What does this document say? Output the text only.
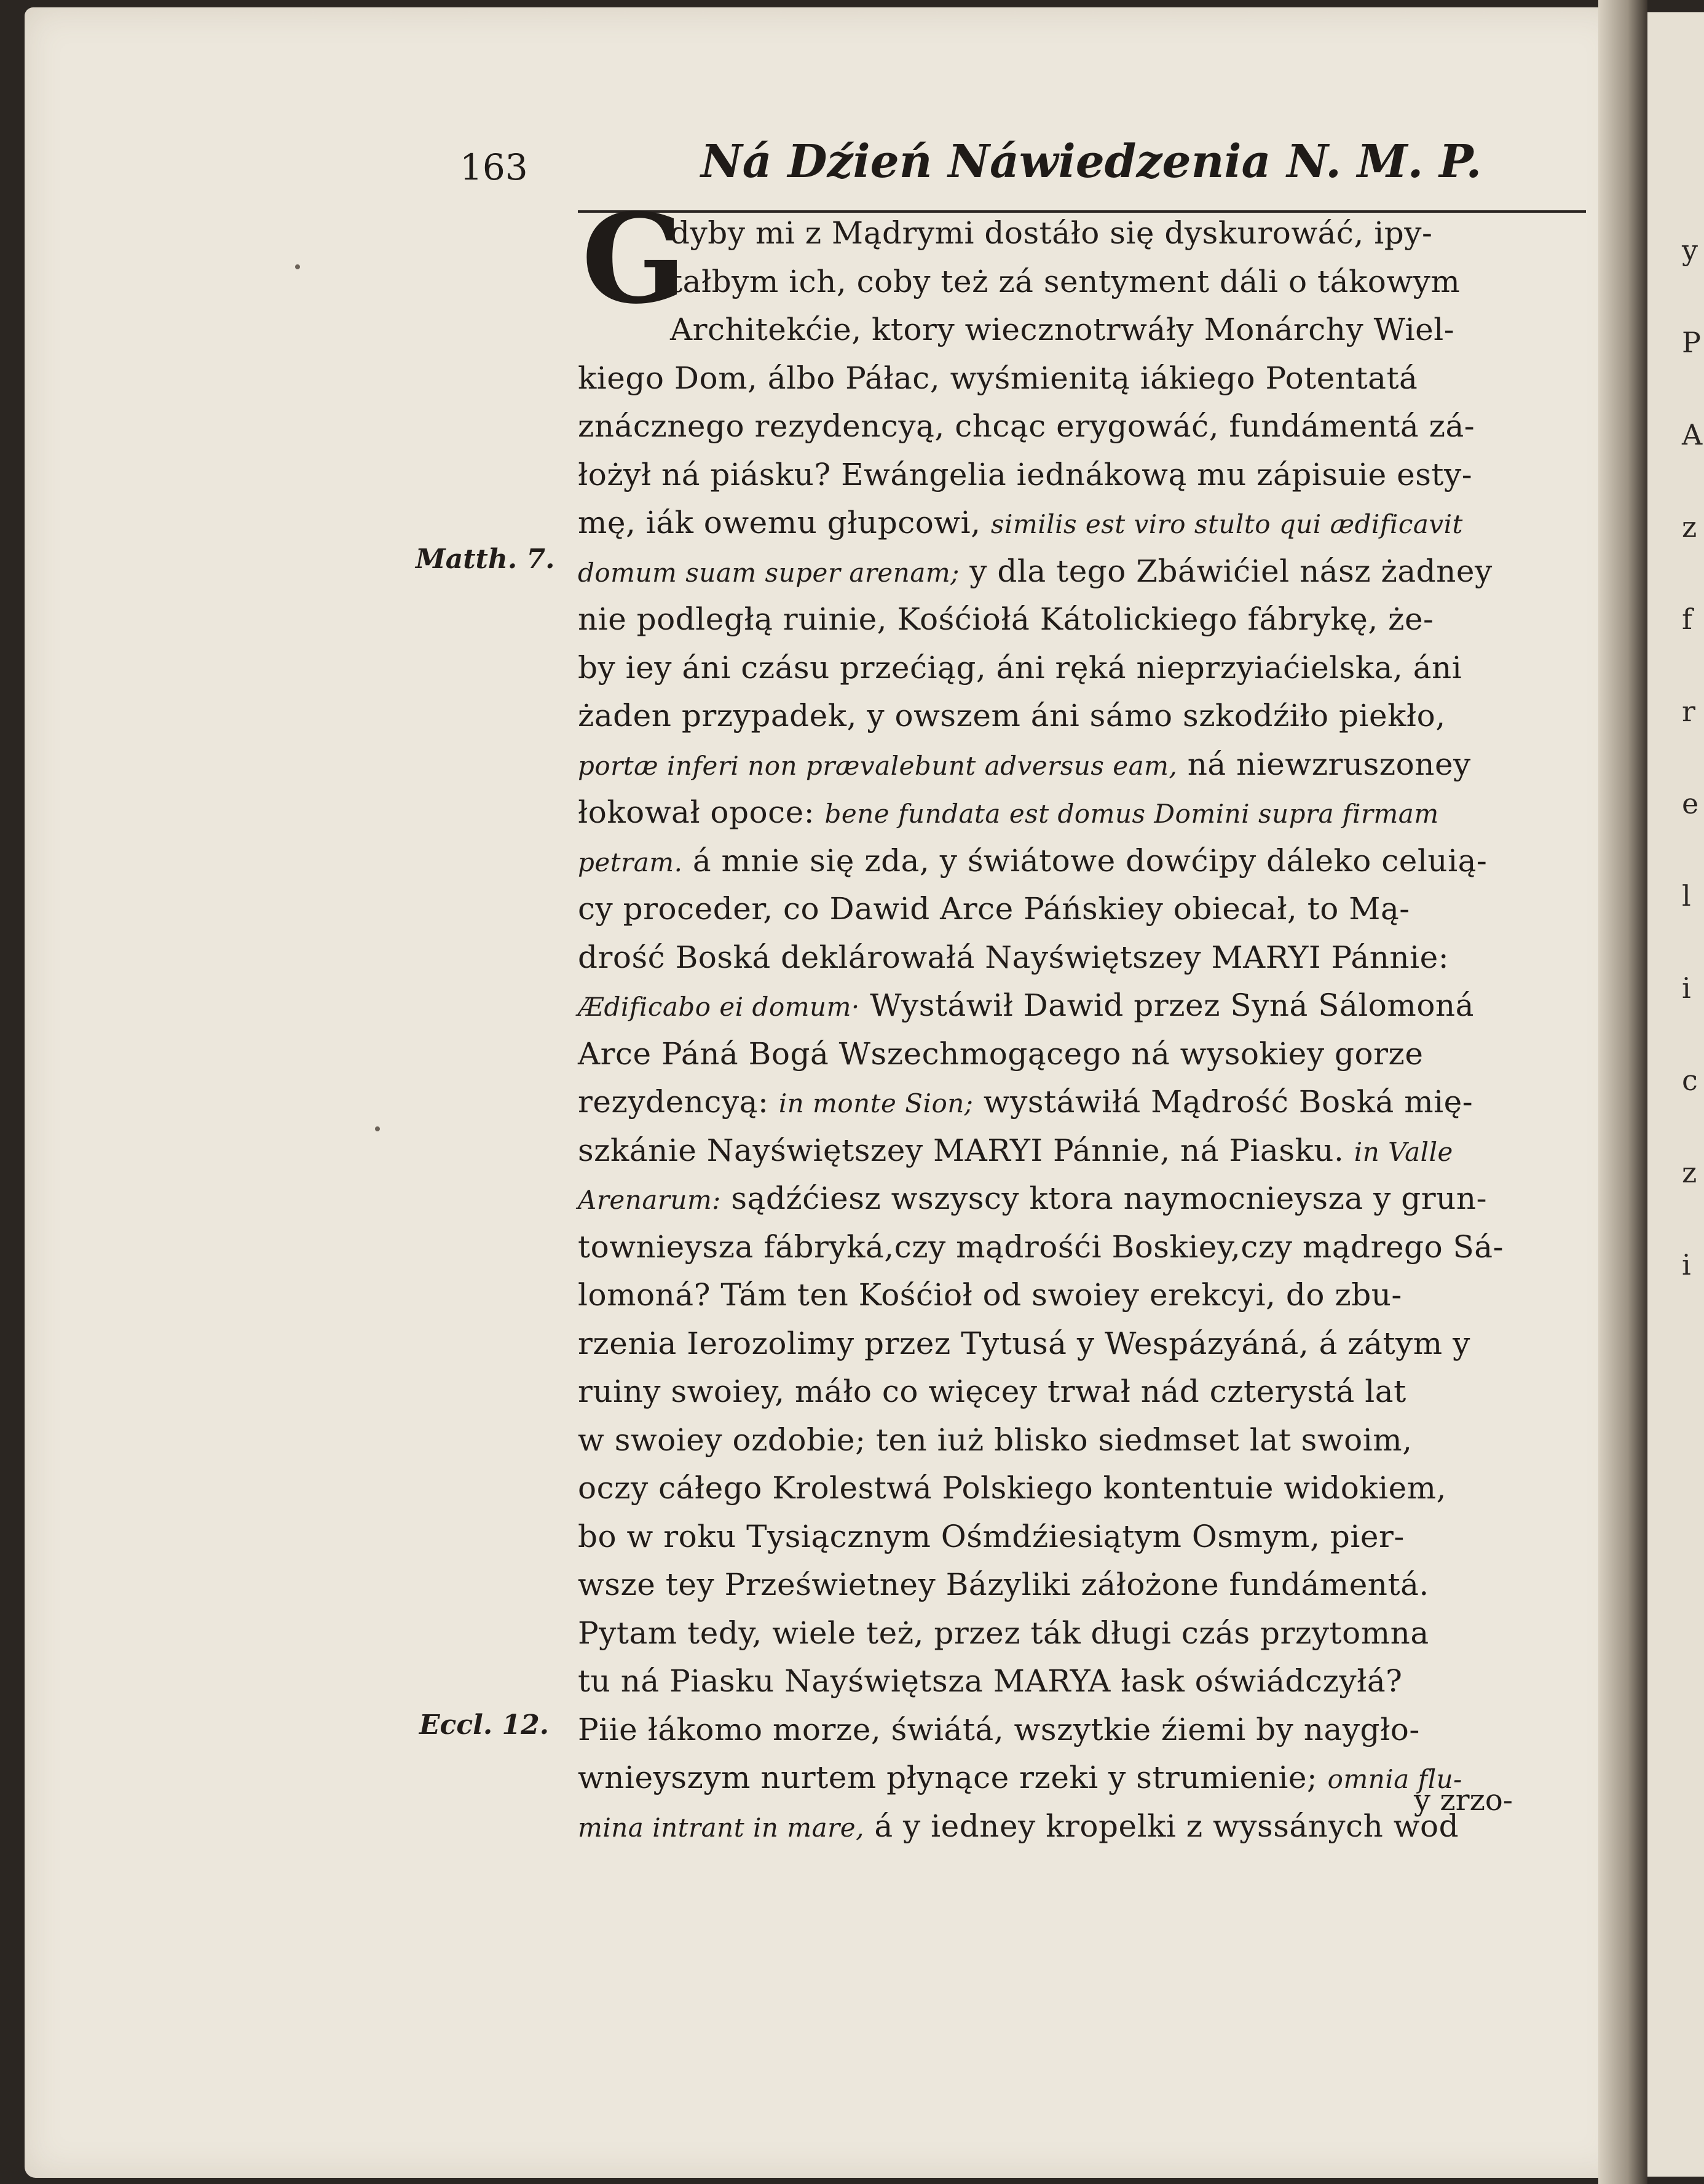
y
P
A
z
f
r
e
l
i
c
z
i
163	Ná Dźień Náwiedzenia N. M. P.
G
dyby mi z Mądrymi dostáło się dyskurowáć, ipy-
tałbym ich, coby też zá sentyment dáli o tákowym
Architekćie, ktory wiecznotrwáły Monárchy Wiel-
kiego Dom, álbo Páłac, wyśmienitą iákiego Potentatá
znácznego rezydencyą, chcąc erygowáć, fundámentá zá-
łożył ná piásku? Ewángelia iednákową mu zápisuie esty-
mę, iák owemu głupcowi, similis est viro stulto qui ædificavit
domum suam super arenam; y dla tego Zbáwićiel nász żadney
nie podległą ruinie, Kośćiołá Kátolickiego fábrykę, że-
by iey áni czásu przećiąg, áni ręká nieprzyiaćielska, áni
żaden przypadek, y owszem áni sámo szkodźiło piekło,
portæ inferi non prævalebunt adversus eam, ná niewzruszoney
łokował opoce: bene fundata est domus Domini supra firmam
petram. á mnie się zda, y świátowe dowćipy dáleko celuią-
cy proceder, co Dawid Arce Páńskiey obiecał, to Mą-
drość Boská deklárowałá Nayświętszey MARYI Pánnie:
Ædificabo ei domum· Wystáwił Dawid przez Syná Sálomoná
Arce Páná Bogá Wszechmogącego ná wysokiey gorze
rezydencyą: in monte Sion; wystáwiłá Mądrość Boská mię-
szkánie Nayświętszey MARYI Pánnie, ná Piasku. in Valle
Arenarum: sądźćiesz wszyscy ktora naymocnieysza y grun-
townieysza fábryká,czy mądrośći Boskiey,czy mądrego Sá-
lomoná? Tám ten Kośćioł od swoiey erekcyi, do zbu-
rzenia Ierozolimy przez Tytusá y Wespázyáná, á zátym y
ruiny swoiey, máło co więcey trwał nád czterystá lat
w swoiey ozdobie; ten iuż blisko siedmset lat swoim,
oczy cáłego Krolestwá Polskiego kontentuie widokiem,
bo w roku Tysiącznym Ośmdźiesiątym Osmym, pier-
wsze tey Prześwietney Bázyliki záłożone fundámentá.
Pytam tedy, wiele też, przez ták długi czás przytomna
tu ná Piasku Nayświętsza MARYA łask oświádczyłá?
Piie łákomo morze, świátá, wszytkie źiemi by naygło-
wnieyszym nurtem płynące rzeki y strumienie; omnia flu-
mina intrant in mare, á y iedney kropelki z wyssánych wod
Matth. 7.
Eccl. 12.
y zrzo-
